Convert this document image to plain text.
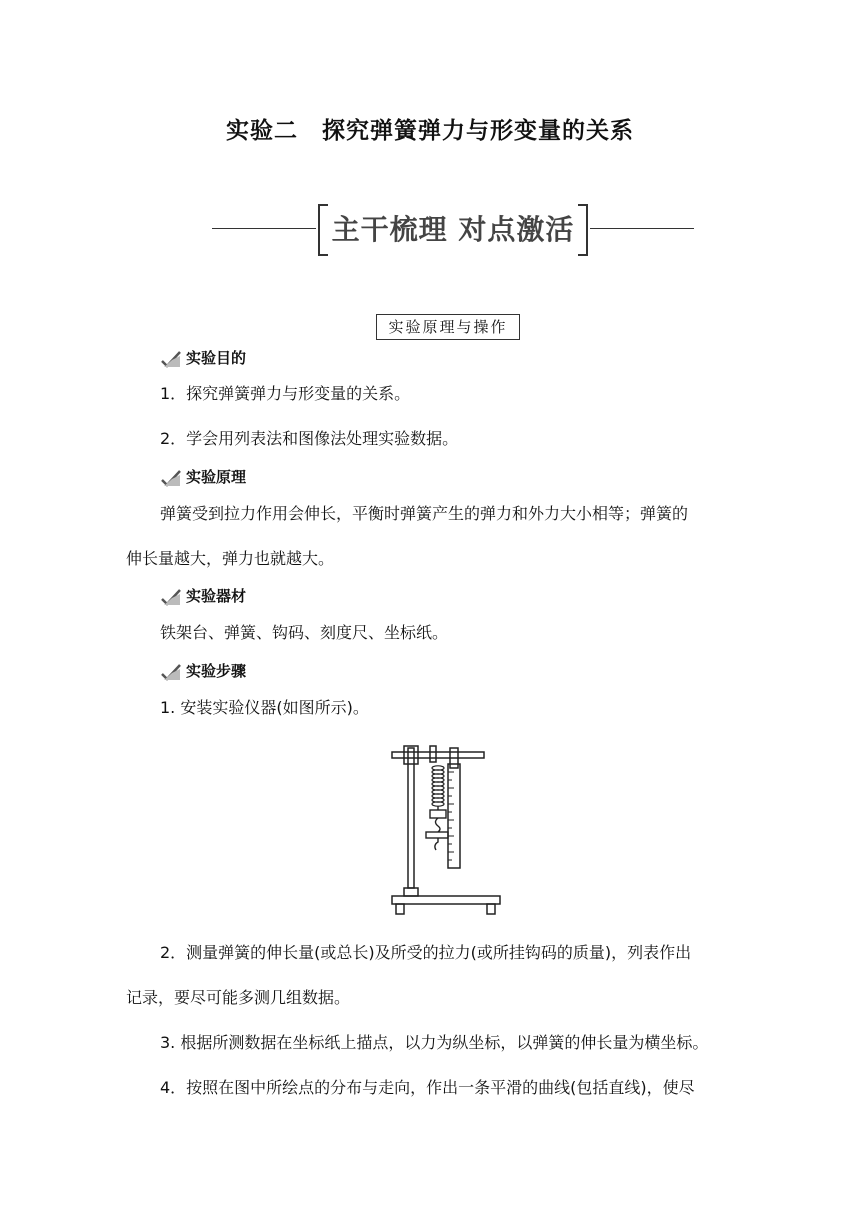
实验二　探究弹簧弹力与形变量的关系
主干梳理 对点激活
实验原理与操作
实验目的
1．探究弹簧弹力与形变量的关系。
2．学会用列表法和图像法处理实验数据。
实验原理
弹簧受到拉力作用会伸长，平衡时弹簧产生的弹力和外力大小相等；弹簧的
伸长量越大，弹力也就越大。
实验器材
铁架台、弹簧、钩码、刻度尺、坐标纸。
实验步骤
1. 安装实验仪器(如图所示)。
2．测量弹簧的伸长量(或总长)及所受的拉力(或所挂钩码的质量)，列表作出
记录，要尽可能多测几组数据。
3. 根据所测数据在坐标纸上描点，以力为纵坐标，以弹簧的伸长量为横坐标。
4．按照在图中所绘点的分布与走向，作出一条平滑的曲线(包括直线)，使尽
